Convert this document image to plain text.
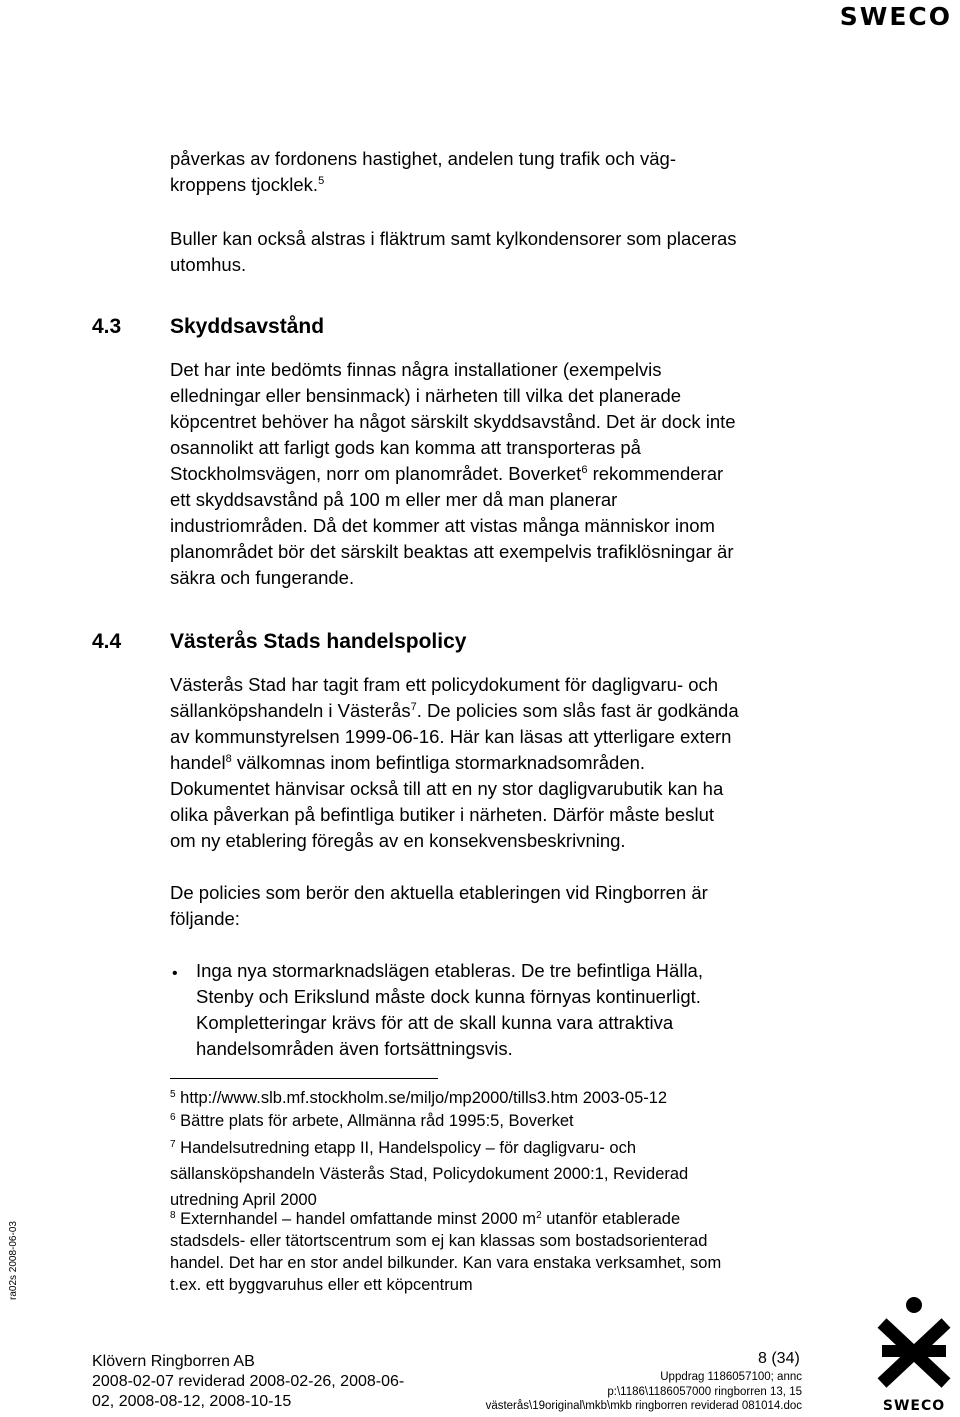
SWECO

påverkas av fordonens hastighet, andelen tung trafik och väg-
kroppens tjocklek.$^5$

Buller kan också alstras i fläktrum samt kylkondensorer som placeras
utomhus.

4.3 Skyddsavstånd

Det har inte bedömts finnas några installationer (exempelvis
elledningar eller bensinmack) i närheten till vilka det planerade
köpcentret behöver ha något särskilt skyddsavstånd. Det är dock inte
osannolikt att farligt gods kan komma att transporteras på
Stockholmsvägen, norr om planområdet. Boverket$^6$ rekommenderar
ett skyddsavstånd på 100 m eller mer då man planerar
industriområden. Då det kommer att vistas många människor inom
planområdet bör det särskilt beaktas att exempelvis trafiklösningar är
säkra och fungerande.

4.4 Västerås Stads handelspolicy

Västerås Stad har tagit fram ett policydokument för dagligvaru- och
sällanköpshandeln i Västerås$^7$. De policies som slås fast är godkända
av kommunstyrelsen 1999-06-16. Här kan läsas att ytterligare extern
handel$^8$ välkomnas inom befintliga stormarknadsområden.
Dokumentet hänvisar också till att en ny stor dagligvarubutik kan ha
olika påverkan på befintliga butiker i närheten. Därför måste beslut
om ny etablering föregås av en konsekvensbeskrivning.

De policies som berör den aktuella etableringen vid Ringborren är
följande:

• Inga nya stormarknadslägen etableras. De tre befintliga Hälla,
Stenby och Erikslund måste dock kunna förnyas kontinuerligt.
Kompletteringar krävs för att de skall kunna vara attraktiva
handelsområden även fortsättningsvis.

$^5$ http://www.slb.mf.stockholm.se/miljo/mp2000/tills3.htm 2003-05-12

$^6$ Bättre plats för arbete, Allmänna råd 1995:5, Boverket

$^7$ Handelsutredning etapp II, Handelspolicy – för dagligvaru- och
sällansköpshandeln Västerås Stad, Policydokument 2000:1, Reviderad
utredning April 2000

$^8$ Externhandel – handel omfattande minst 2000 $m^2$ utanför etablerade
stadsdels- eller tätortscentrum som ej kan klassas som bostadsorienterad
handel. Det har en stor andel bilkunder. Kan vara enstaka verksamhet, som
t.ex. ett byggvaruhus eller ett köpcentrum

ra02s 2008-06-03
Klövern Ringborren AB
2008-02-07 reviderad 2008-02-26, 2008-06-
02, 2008-08-12, 2008-10-15
8 (34)
Uppdrag 1186057100; annc
p:\1186\1186057000 ringborren 13, 15
västerås\19original\mkb\mkb ringborren reviderad 081014.doc	SWECO
